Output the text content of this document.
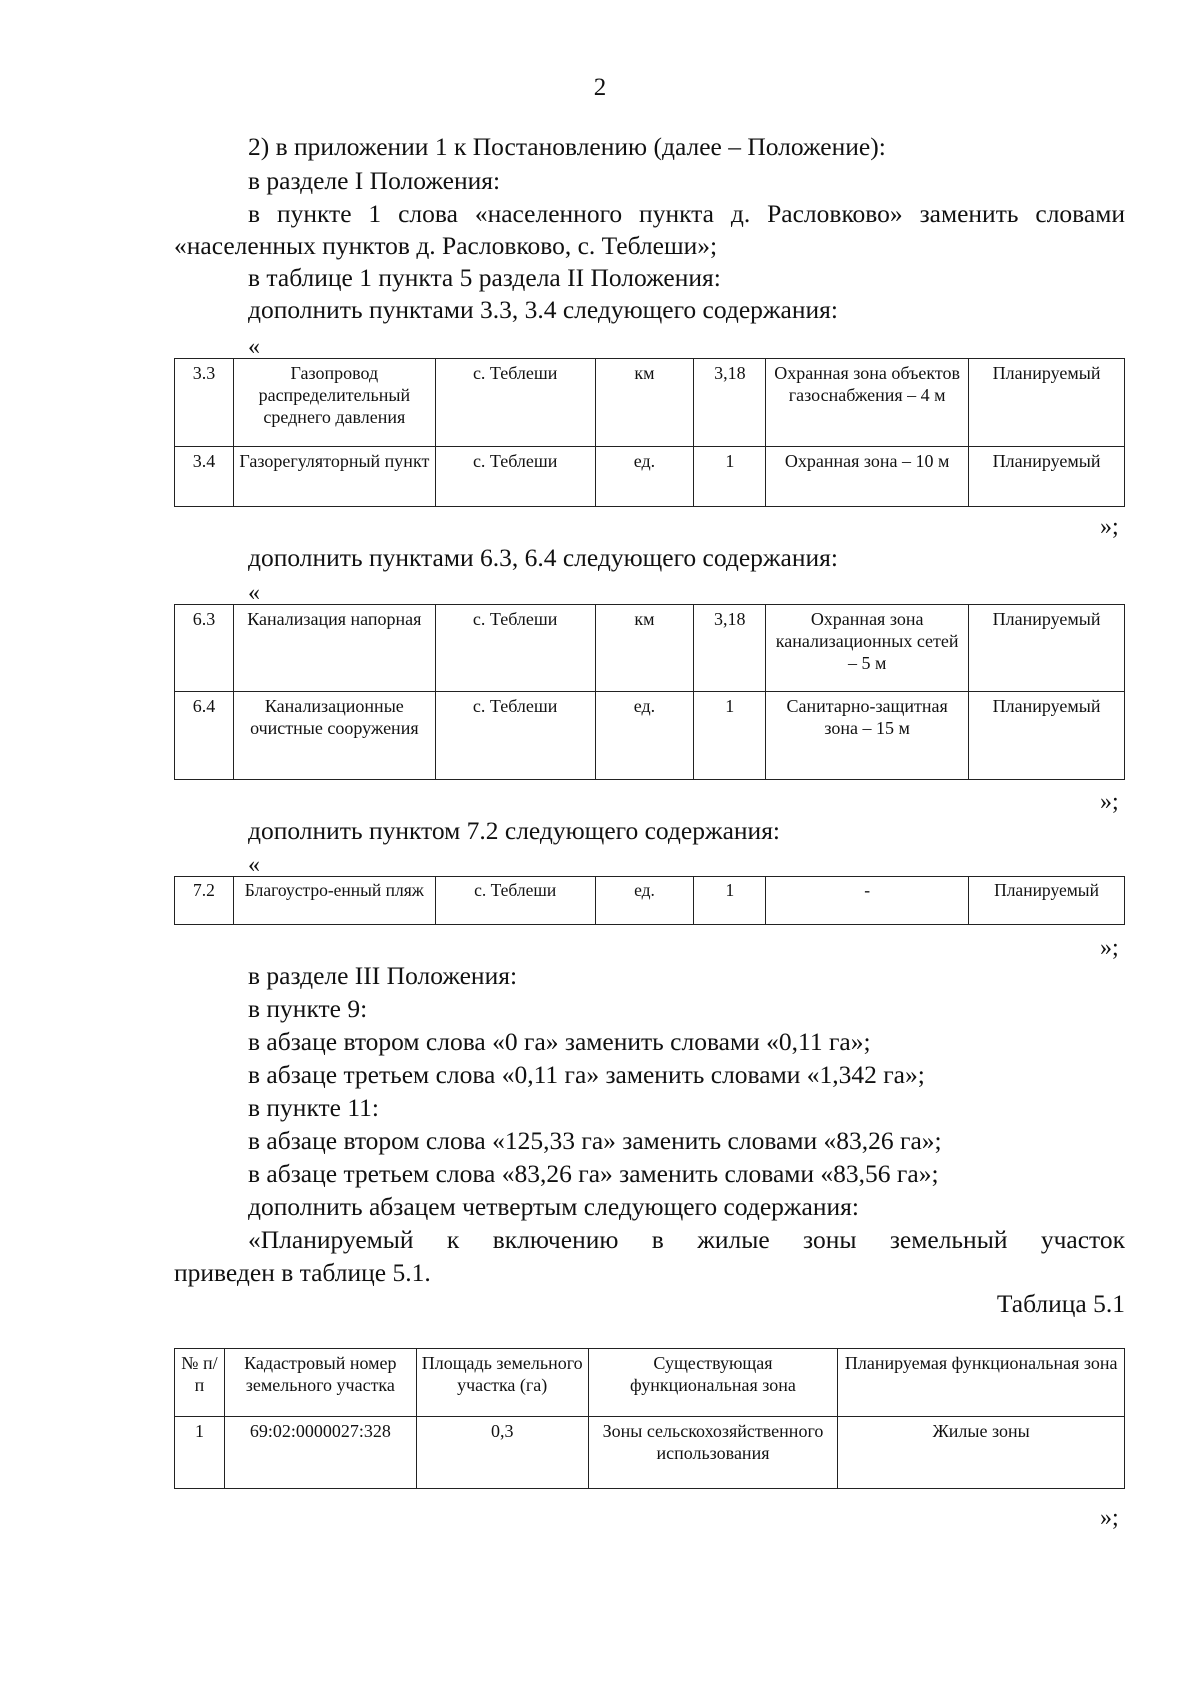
2
2) в приложении 1 к Постановлению (далее – Положение):
в разделе I Положения:
в пункте 1 слова «населенного пункта д. Расловково» заменить словами
«населенных пунктов д. Расловково, с. Теблеши»;
в таблице 1 пункта 5 раздела II Положения:
дополнить пунктами 3.3, 3.4 следующего содержания:
«
3.3	Газопровод распределительный среднего давления	с. Теблеши	км	3,18	Охранная зона объектов газоснабжения – 4 м	Планируемый
3.4	Газорегуляторный пункт	с. Теблеши	ед.	1	Охранная зона – 10 м	Планируемый
»;
дополнить пунктами 6.3, 6.4 следующего содержания:
«
6.3	Канализация напорная	с. Теблеши	км	3,18	Охранная зона канализационных сетей – 5 м	Планируемый
6.4	Канализационные очистные сооружения	с. Теблеши	ед.	1	Санитарно-защитная зона – 15 м	Планируемый
»;
дополнить пунктом 7.2 следующего содержания:
«
7.2	Благоустро-енный пляж	с. Теблеши	ед.	1	-	Планируемый
»;
в разделе III Положения:
в пункте 9:
в абзаце втором слова «0 га» заменить словами «0,11 га»;
в абзаце третьем слова «0,11 га» заменить словами «1,342 га»;
в пункте 11:
в абзаце втором слова «125,33 га» заменить словами «83,26 га»;
в абзаце третьем слова «83,26 га» заменить словами «83,56 га»;
дополнить абзацем четвертым следующего содержания:
«Планируемый к включению в жилые зоны земельный участок
приведен в таблице 5.1.
Таблица 5.1
№ п/п	Кадастровый номер земельного участка	Площадь земельного участка (га)	Существующая функциональная зона	Планируемая функциональная зона
1	69:02:0000027:328	0,3	Зоны сельскохозяйственного использования	Жилые зоны
»;
